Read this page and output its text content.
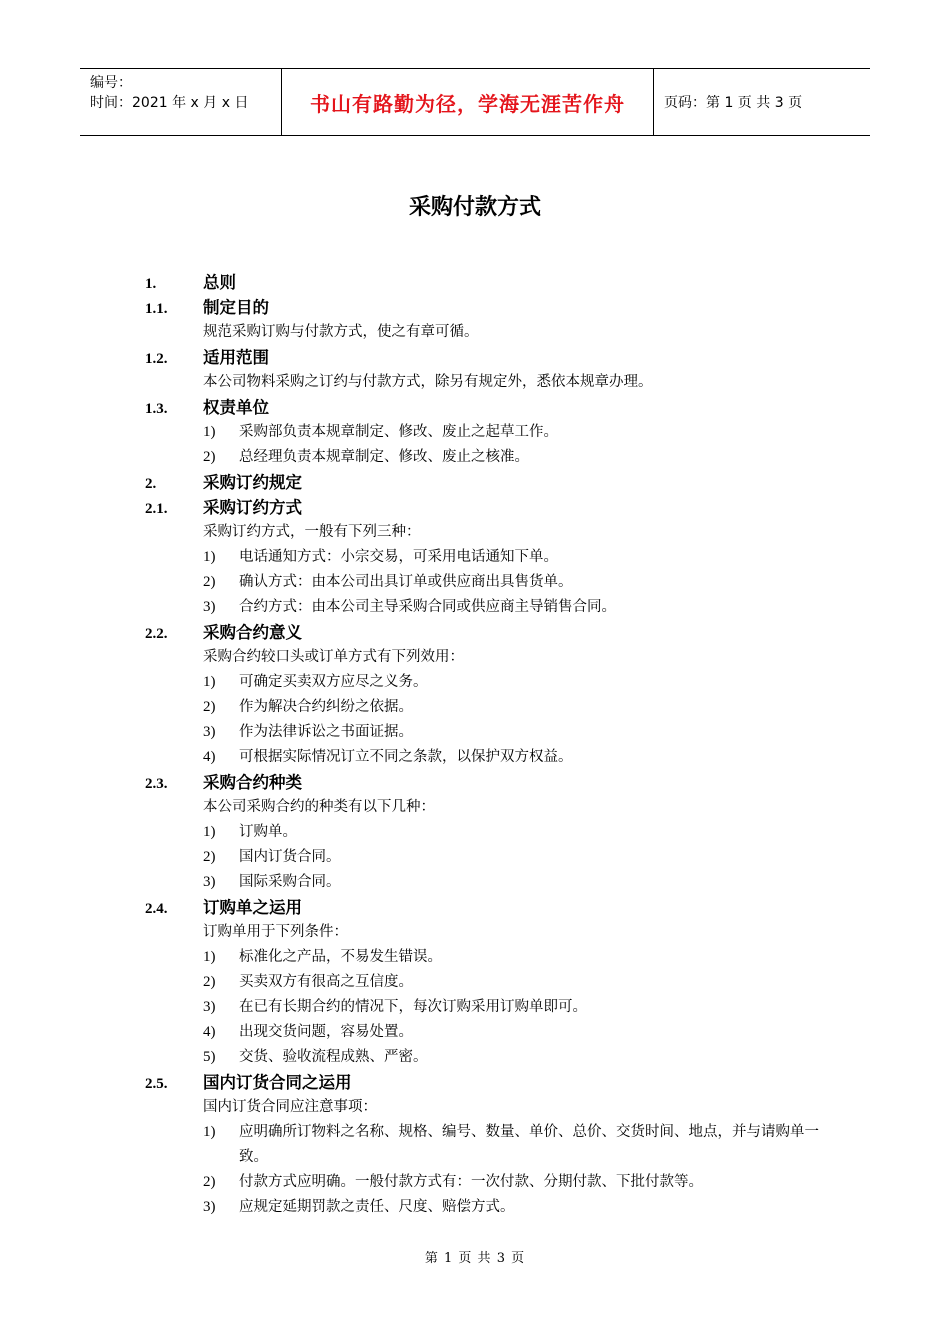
编号：
时间：2021 年 x 月 x 日	书山有路勤为径，学海无涯苦作舟	页码：第 1 页 共 3 页
采购付款方式
1.	总则
1.1.	制定目的
规范采购订购与付款方式，使之有章可循。
1.2.	适用范围
本公司物料采购之订约与付款方式，除另有规定外，悉依本规章办理。
1.3.	权责单位
1)	采购部负责本规章制定、修改、废止之起草工作。
2)	总经理负责本规章制定、修改、废止之核准。
2.	采购订约规定
2.1.	采购订约方式
采购订约方式，一般有下列三种：
1)	电话通知方式：小宗交易，可采用电话通知下单。
2)	确认方式：由本公司出具订单或供应商出具售货单。
3)	合约方式：由本公司主导采购合同或供应商主导销售合同。
2.2.	采购合约意义
采购合约较口头或订单方式有下列效用：
1)	可确定买卖双方应尽之义务。
2)	作为解决合约纠纷之依据。
3)	作为法律诉讼之书面证据。
4)	可根据实际情况订立不同之条款，以保护双方权益。
2.3.	采购合约种类
本公司采购合约的种类有以下几种：
1)	订购单。
2)	国内订货合同。
3)	国际采购合同。
2.4.	订购单之运用
订购单用于下列条件：
1)	标准化之产品，不易发生错误。
2)	买卖双方有很高之互信度。
3)	在已有长期合约的情况下，每次订购采用订购单即可。
4)	出现交货问题，容易处置。
5)	交货、验收流程成熟、严密。
2.5.	国内订货合同之运用
国内订货合同应注意事项：
1)	应明确所订物料之名称、规格、编号、数量、单价、总价、交货时间、地点，并与请购单一致。
2)	付款方式应明确。一般付款方式有：一次付款、分期付款、下批付款等。
3)	应规定延期罚款之责任、尺度、赔偿方式。
第 1 页 共 3 页
